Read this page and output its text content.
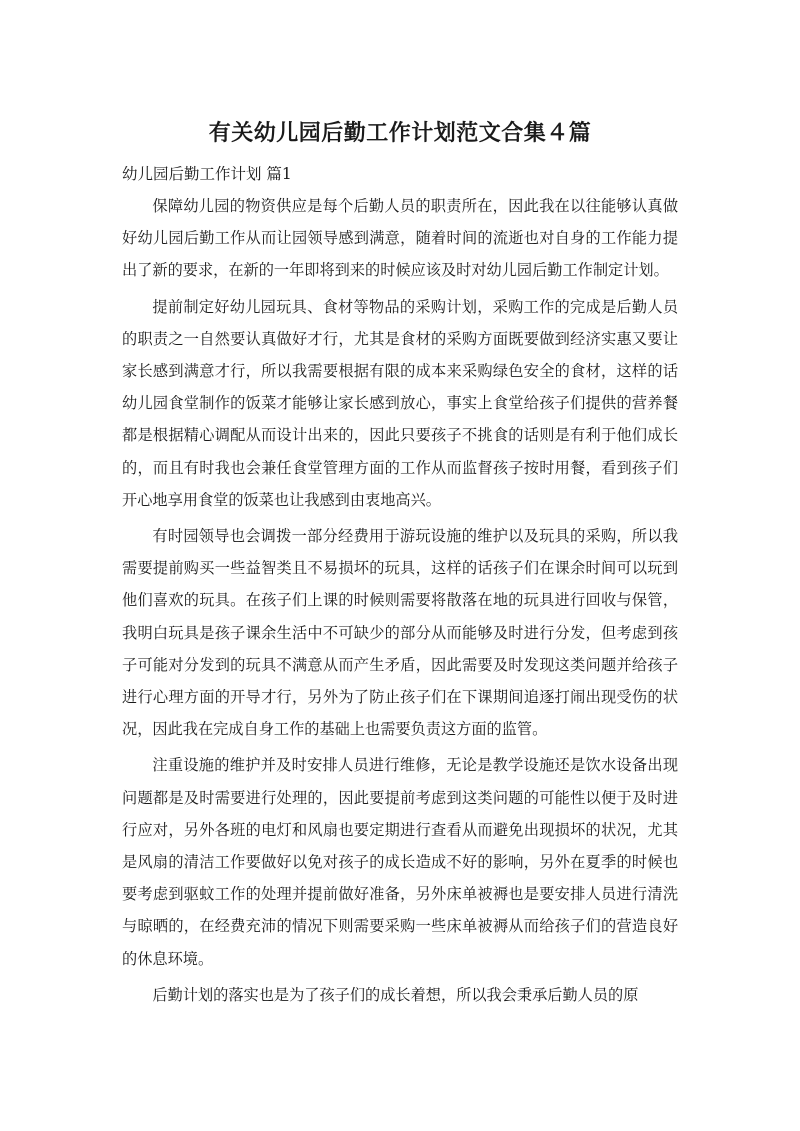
有关幼儿园后勤工作计划范文合集４篇
幼儿园后勤工作计划 篇1

保障幼儿园的物资供应是每个后勤人员的职责所在，因此我在以往能够认真做好幼儿园后勤工作从而让园领导感到满意，随着时间的流逝也对自身的工作能力提出了新的要求，在新的一年即将到来的时候应该及时对幼儿园后勤工作制定计划。

提前制定好幼儿园玩具、食材等物品的采购计划，采购工作的完成是后勤人员的职责之一自然要认真做好才行，尤其是食材的采购方面既要做到经济实惠又要让家长感到满意才行，所以我需要根据有限的成本来采购绿色安全的食材，这样的话幼儿园食堂制作的饭菜才能够让家长感到放心，事实上食堂给孩子们提供的营养餐都是根据精心调配从而设计出来的，因此只要孩子不挑食的话则是有利于他们成长的，而且有时我也会兼任食堂管理方面的工作从而监督孩子按时用餐，看到孩子们开心地享用食堂的饭菜也让我感到由衷地高兴。

有时园领导也会调拨一部分经费用于游玩设施的维护以及玩具的采购，所以我需要提前购买一些益智类且不易损坏的玩具，这样的话孩子们在课余时间可以玩到他们喜欢的玩具。在孩子们上课的时候则需要将散落在地的玩具进行回收与保管，我明白玩具是孩子课余生活中不可缺少的部分从而能够及时进行分发，但考虑到孩子可能对分发到的玩具不满意从而产生矛盾，因此需要及时发现这类问题并给孩子进行心理方面的开导才行，另外为了防止孩子们在下课期间追逐打闹出现受伤的状况，因此我在完成自身工作的基础上也需要负责这方面的监管。

注重设施的维护并及时安排人员进行维修，无论是教学设施还是饮水设备出现问题都是及时需要进行处理的，因此要提前考虑到这类问题的可能性以便于及时进行应对，另外各班的电灯和风扇也要定期进行查看从而避免出现损坏的状况，尤其是风扇的清洁工作要做好以免对孩子的成长造成不好的影响，另外在夏季的时候也要考虑到驱蚊工作的处理并提前做好准备，另外床单被褥也是要安排人员进行清洗与晾晒的，在经费充沛的情况下则需要采购一些床单被褥从而给孩子们的营造良好的休息环境。

后勤计划的落实也是为了孩子们的成长着想，所以我会秉承后勤人员的原
